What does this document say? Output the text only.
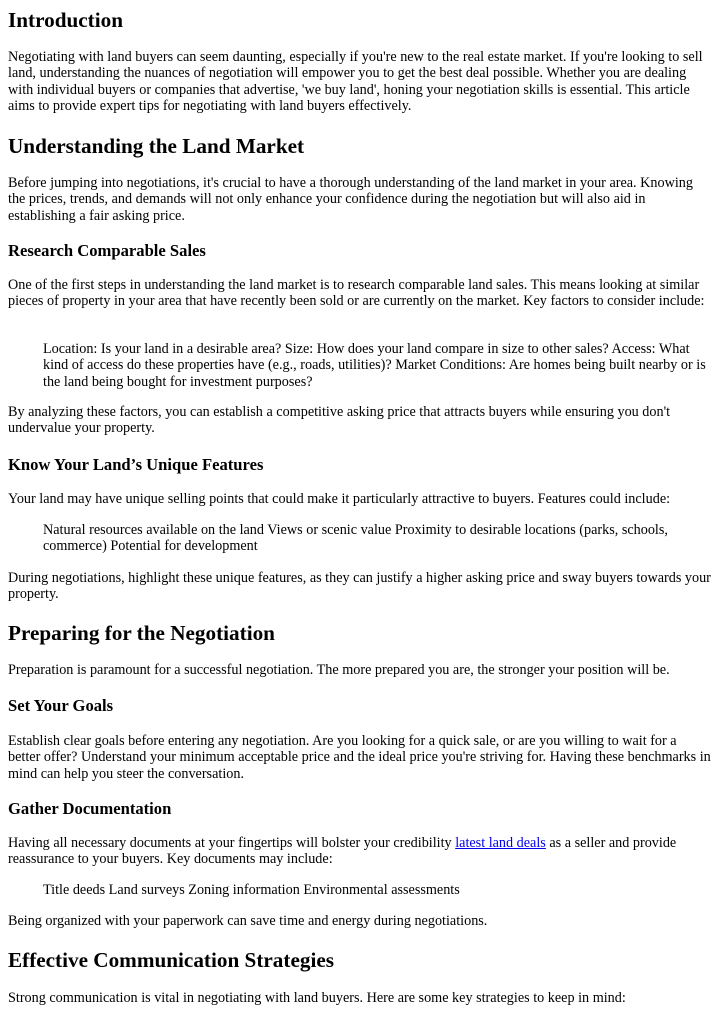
Introduction

Negotiating with land buyers can seem daunting, especially if you're new to the real estate market. If you're looking to sell land, understanding the nuances of negotiation will empower you to get the best deal possible. Whether you are dealing with individual buyers or companies that advertise, 'we buy land', honing your negotiation skills is essential. This article aims to provide expert tips for negotiating with land buyers effectively.

Understanding the Land Market

Before jumping into negotiations, it's crucial to have a thorough understanding of the land market in your area. Knowing the prices, trends, and demands will not only enhance your confidence during the negotiation but will also aid in establishing a fair asking price.

Research Comparable Sales

One of the first steps in understanding the land market is to research comparable land sales. This means looking at similar pieces of property in your area that have recently been sold or are currently on the market. Key factors to consider include:

Location: Is your land in a desirable area? Size: How does your land compare in size to other sales? Access: What kind of access do these properties have (e.g., roads, utilities)? Market Conditions: Are homes being built nearby or is the land being bought for investment purposes?

By analyzing these factors, you can establish a competitive asking price that attracts buyers while ensuring you don't undervalue your property.

Know Your Land’s Unique Features

Your land may have unique selling points that could make it particularly attractive to buyers. Features could include:

Natural resources available on the land Views or scenic value Proximity to desirable locations (parks, schools, commerce) Potential for development

During negotiations, highlight these unique features, as they can justify a higher asking price and sway buyers towards your property.

Preparing for the Negotiation

Preparation is paramount for a successful negotiation. The more prepared you are, the stronger your position will be.

Set Your Goals

Establish clear goals before entering any negotiation. Are you looking for a quick sale, or are you willing to wait for a better offer? Understand your minimum acceptable price and the ideal price you're striving for. Having these benchmarks in mind can help you steer the conversation.

Gather Documentation

Having all necessary documents at your fingertips will bolster your credibility latest land deals as a seller and provide reassurance to your buyers. Key documents may include:

Title deeds Land surveys Zoning information Environmental assessments

Being organized with your paperwork can save time and energy during negotiations.

Effective Communication Strategies

Strong communication is vital in negotiating with land buyers. Here are some key strategies to keep in mind:
